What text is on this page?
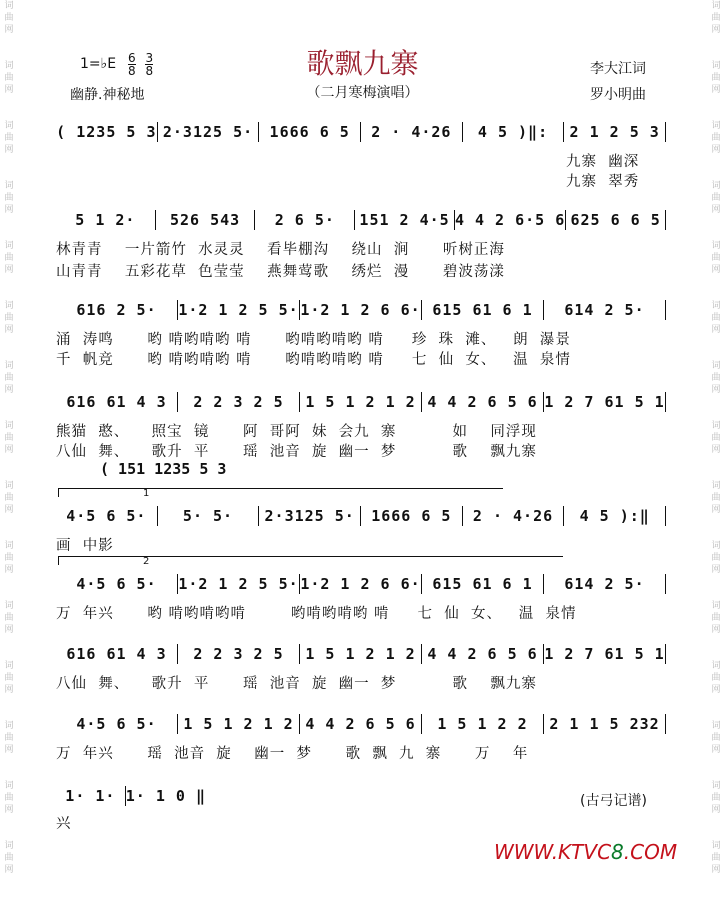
词
曲
网
词
曲
网
词
曲
网
词
曲
网
词
曲
网
词
曲
网
词
曲
网
词
曲
网
词
曲
网
词
曲
网
词
曲
网
词
曲
网
词
曲
网
词
曲
网
词
曲
网
词
曲
网
词
曲
网
词
曲
网
词
曲
网
词
曲
网
词
曲
网
词
曲
网
词
曲
网
词
曲
网
词
曲
网
词
曲
网
词
曲
网
词
曲
网
词
曲
网
词
曲
网
歌飘九寨
1=♭E $\frac{6}{8}$
$\frac{3}{8}$
幽静.神秘地	（二月寒梅演唱）
李大江词
罗小明曲
( 1235 5 3 2·3125 5·	1666 6 5	2 · 4·26	4 5 )‖:	2 1 2 5 3
九寨  幽深
九寨  翠秀
5 1 2·	526 543	2 6 5·	151 2 4·5 4 4 2 6·5 6 625 6 6 5
林青青    一片箭竹  水灵灵    看毕棚沟    绕山  涧      听树正海
山青青    五彩花草  色莹莹    燕舞莺歌    绣烂  漫      碧波荡漾
616 2 5·	1·2 1 2 5 5· 1·2 1 2 6 6· 615 61 6 1	614 2 5·
涌  涛鸣      哟 啃哟啃哟 啃      哟啃哟啃哟 啃     珍  珠  滩、   朗  瀑景
千  帆竞      哟 啃哟啃哟 啃      哟啃哟啃哟 啃     七  仙  女、   温  泉情
616 61 4 3	2 2 3 2 5	1 5 1 2 1 2 4 4 2 6 5 6 1 2 7 61 5 1
熊猫  憨、    照宝  镜      阿  哥阿  妹  会九  寨          如    同浮现
八仙  舞、    歌升  平      瑶  池音  旋  幽一  梦          歌    飘九寨
( 151 1235 5 3
1
4·5 6 5·	5· 5·	2·3125 5·	1666 6 5	2 · 4·26	4 5 ):‖
画  中影
2
4·5 6 5·	1·2 1 2 5 5· 1·2 1 2 6 6· 615 61 6 1	614 2 5·
万  年兴      哟 啃哟啃哟啃        哟啃哟啃哟 啃     七  仙  女、   温  泉情
616 61 4 3	2 2 3 2 5	1 5 1 2 1 2 4 4 2 6 5 6 1 2 7 61 5 1
八仙  舞、    歌升  平      瑶  池音  旋  幽一  梦          歌    飘九寨
4·5 6 5·	1 5 1 2 1 2 4 4 2 6 5 6	1 5 1 2 2	2 1 1 5 232
万  年兴      瑶  池音  旋    幽一  梦      歌  飘  九  寨      万    年
1· 1· 1· 1 0 ‖
兴
(古弓记谱)
WWW.KTVC8.COM
